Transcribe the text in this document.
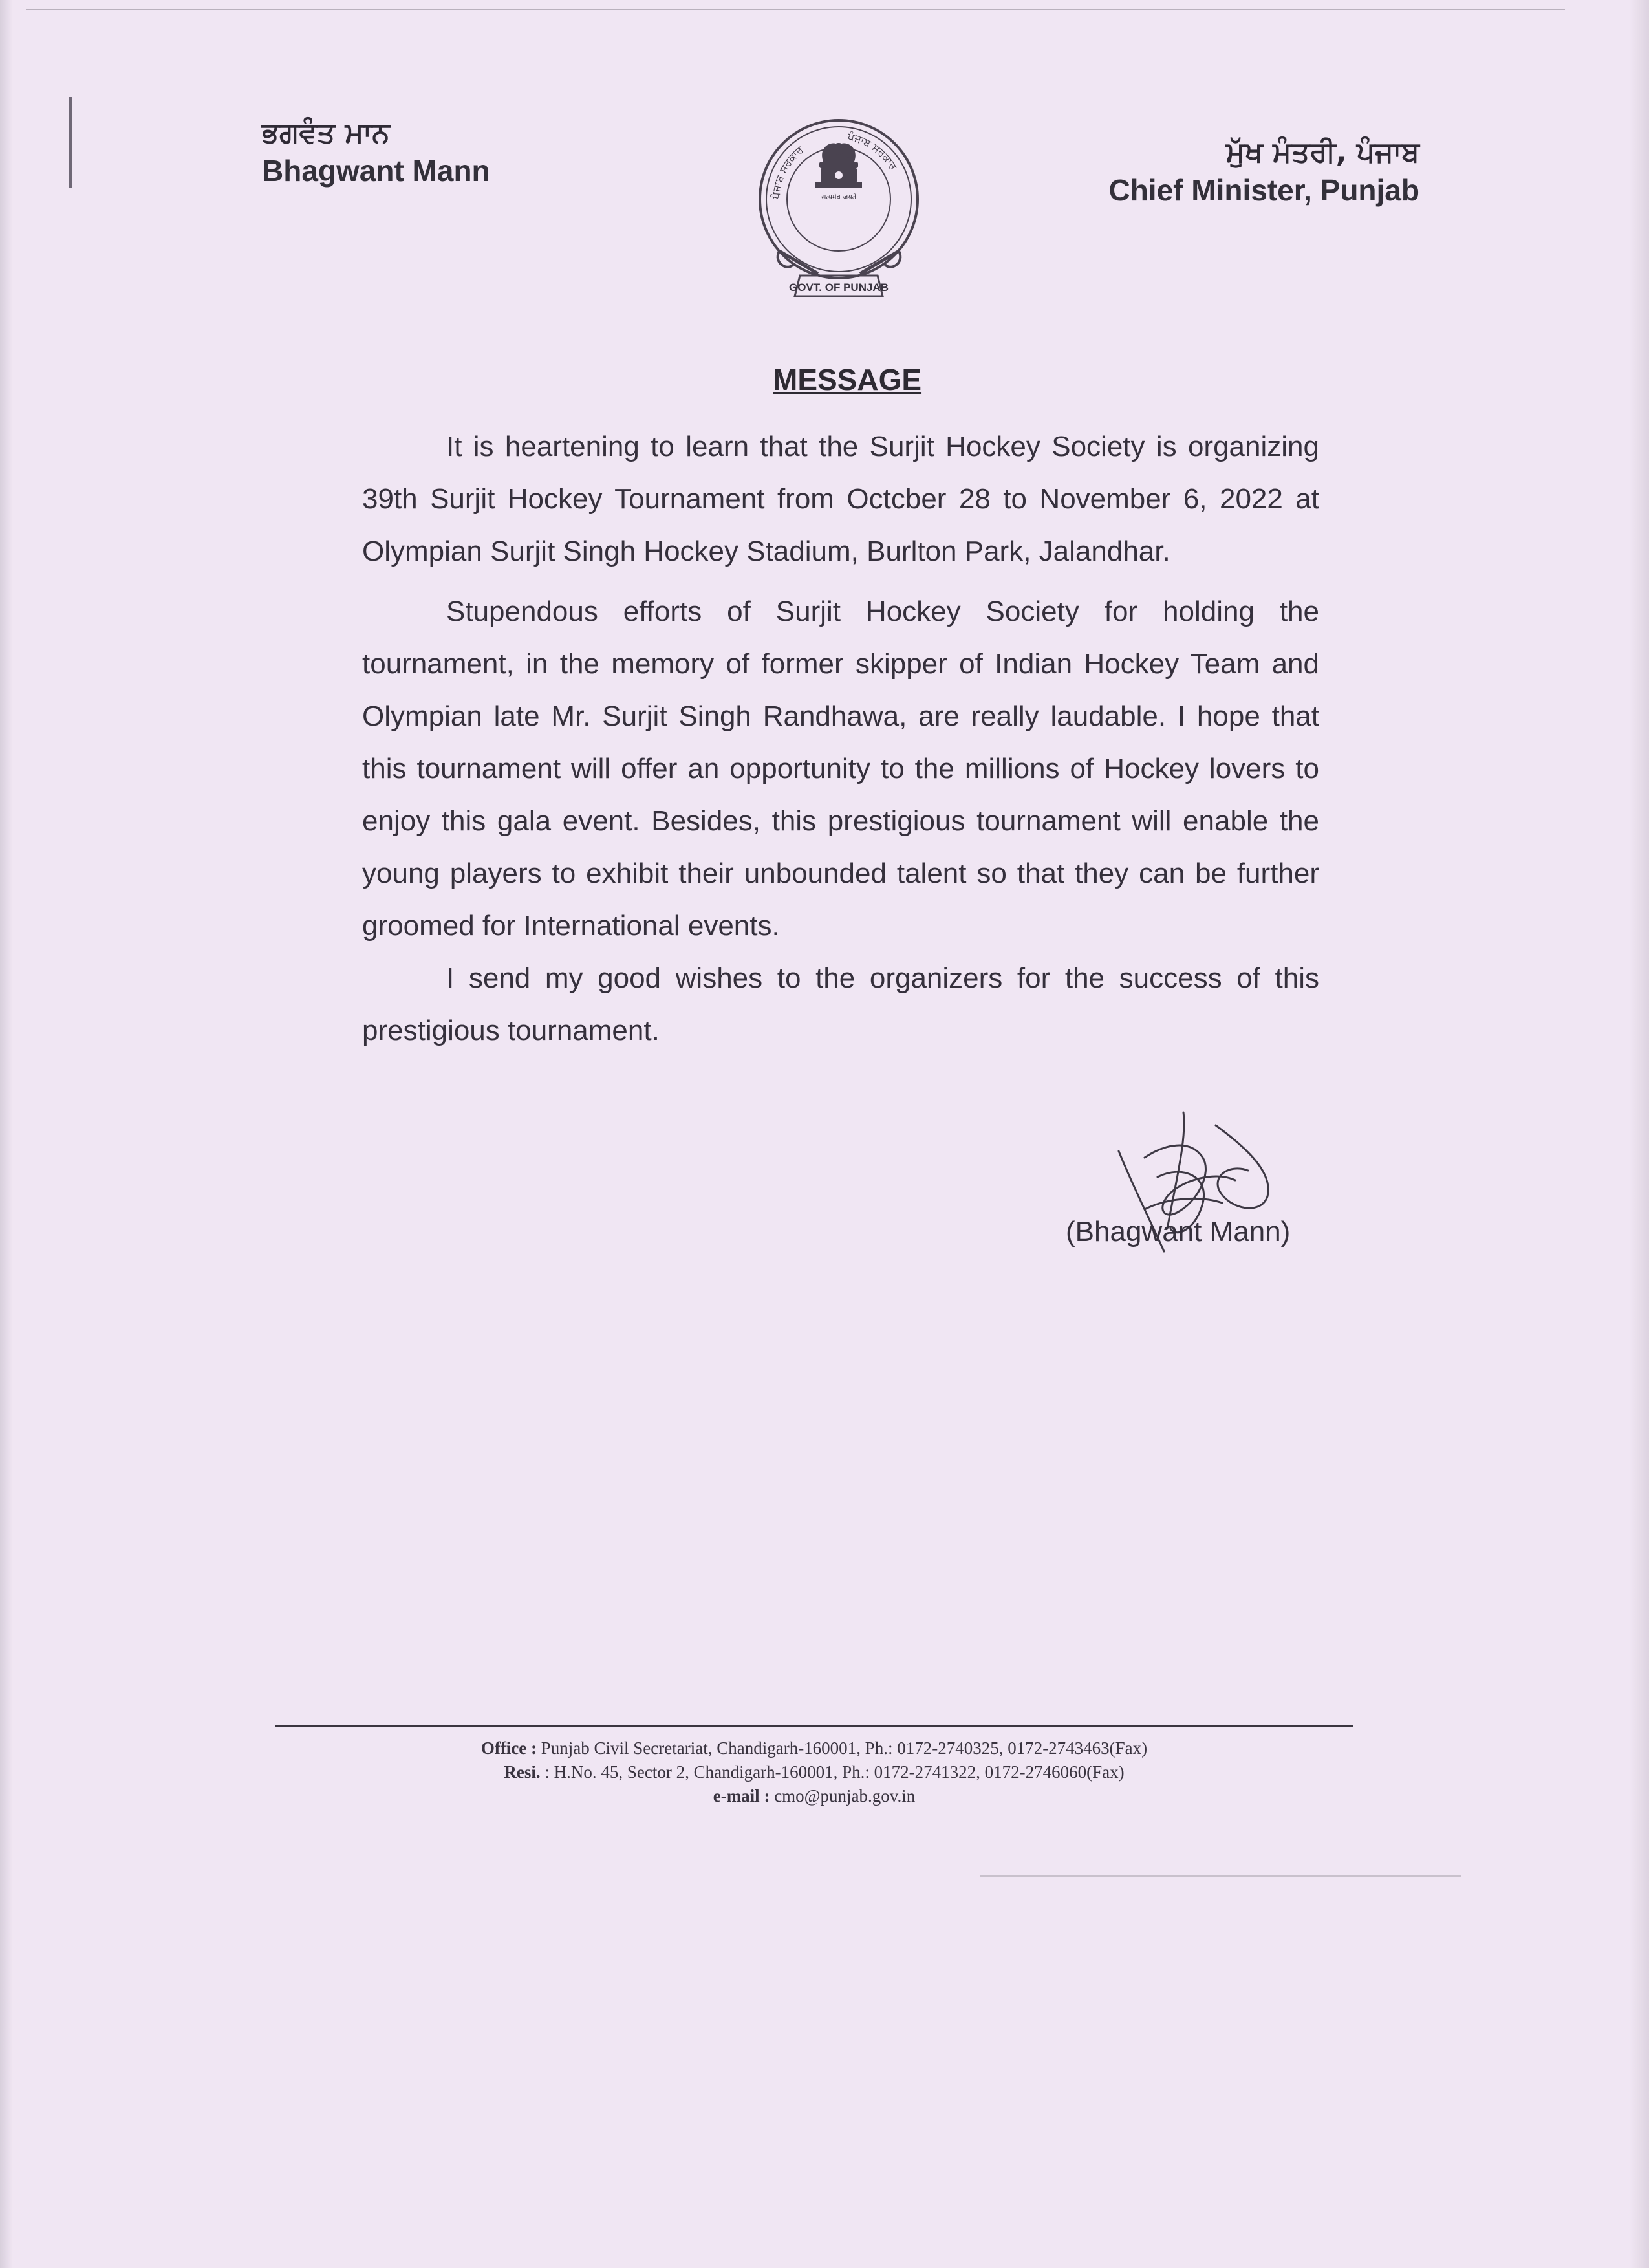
ਭਗਵੰਤ ਮਾਨ
Bhagwant Mann
ਪੰਜਾਬ ਸਰਕਾਰ
ਪੰਜਾਬ ਸਰਕਾਰ
सत्यमेव जयते
GOVT. OF PUNJAB
ਮੁੱਖ ਮੰਤਰੀ, ਪੰਜਾਬ
Chief Minister, Punjab
MESSAGE

It is heartening to learn that the Surjit Hockey Society is organizing 39th Surjit Hockey Tournament from Octcber 28 to November 6, 2022 at Olympian Surjit Singh Hockey Stadium, Burlton Park, Jalandhar.

Stupendous efforts of Surjit Hockey Society for holding the tournament, in the memory of former skipper of Indian Hockey Team and Olympian late Mr. Surjit Singh Randhawa, are really laudable. I hope that this tournament will offer an opportunity to the millions of Hockey lovers to enjoy this gala event. Besides, this prestigious tournament will enable the young players to exhibit their unbounded talent so that they can be further groomed for International events.

I send my good wishes to the organizers for the success of this prestigious tournament.

(Bhagwant Mann)
Office : Punjab Civil Secretariat, Chandigarh-160001, Ph.: 0172-2740325, 0172-2743463(Fax)
Resi. : H.No. 45, Sector 2, Chandigarh-160001, Ph.: 0172-2741322, 0172-2746060(Fax)
e-mail : cmo@punjab.gov.in
